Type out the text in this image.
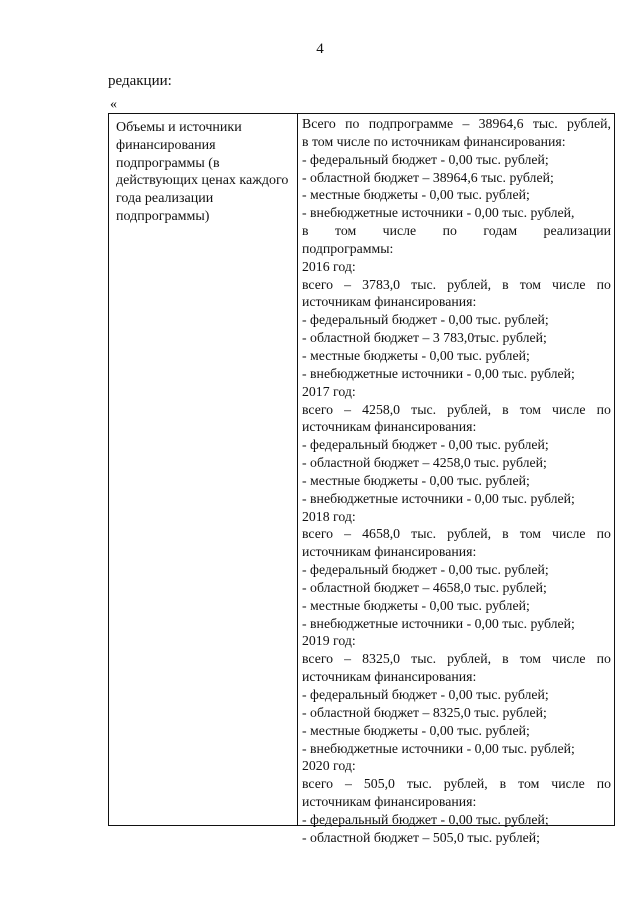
4
редакции:
«
Объемы и источники финансирования подпрограммы (в действующих ценах каждого года реализации подпрограммы)
Всего по подпрограмме – 38964,6 тыс. рублей,
в том числе по источникам финансирования:
- федеральный бюджет - 0,00 тыс. рублей;
- областной бюджет – 38964,6 тыс. рублей;
- местные бюджеты - 0,00 тыс. рублей;
- внебюджетные источники - 0,00 тыс. рублей,
в том числе по годам реализации
подпрограммы:
2016 год:
всего – 3783,0 тыс. рублей, в том числе по
источникам финансирования:
- федеральный бюджет - 0,00 тыс. рублей;
- областной бюджет – 3 783,0тыс. рублей;
- местные бюджеты - 0,00 тыс. рублей;
- внебюджетные источники - 0,00 тыс. рублей;
2017 год:
всего – 4258,0 тыс. рублей, в том числе по
источникам финансирования:
- федеральный бюджет - 0,00 тыс. рублей;
- областной бюджет – 4258,0 тыс. рублей;
- местные бюджеты - 0,00 тыс. рублей;
- внебюджетные источники - 0,00 тыс. рублей;
2018 год:
всего – 4658,0 тыс. рублей, в том числе по
источникам финансирования:
- федеральный бюджет - 0,00 тыс. рублей;
- областной бюджет – 4658,0 тыс. рублей;
- местные бюджеты - 0,00 тыс. рублей;
- внебюджетные источники - 0,00 тыс. рублей;
2019 год:
всего – 8325,0 тыс. рублей, в том числе по
источникам финансирования:
- федеральный бюджет - 0,00 тыс. рублей;
- областной бюджет – 8325,0 тыс. рублей;
- местные бюджеты - 0,00 тыс. рублей;
- внебюджетные источники - 0,00 тыс. рублей;
2020 год:
всего – 505,0 тыс. рублей, в том числе по
источникам финансирования:
- федеральный бюджет - 0,00 тыс. рублей;
- областной бюджет – 505,0 тыс. рублей;
